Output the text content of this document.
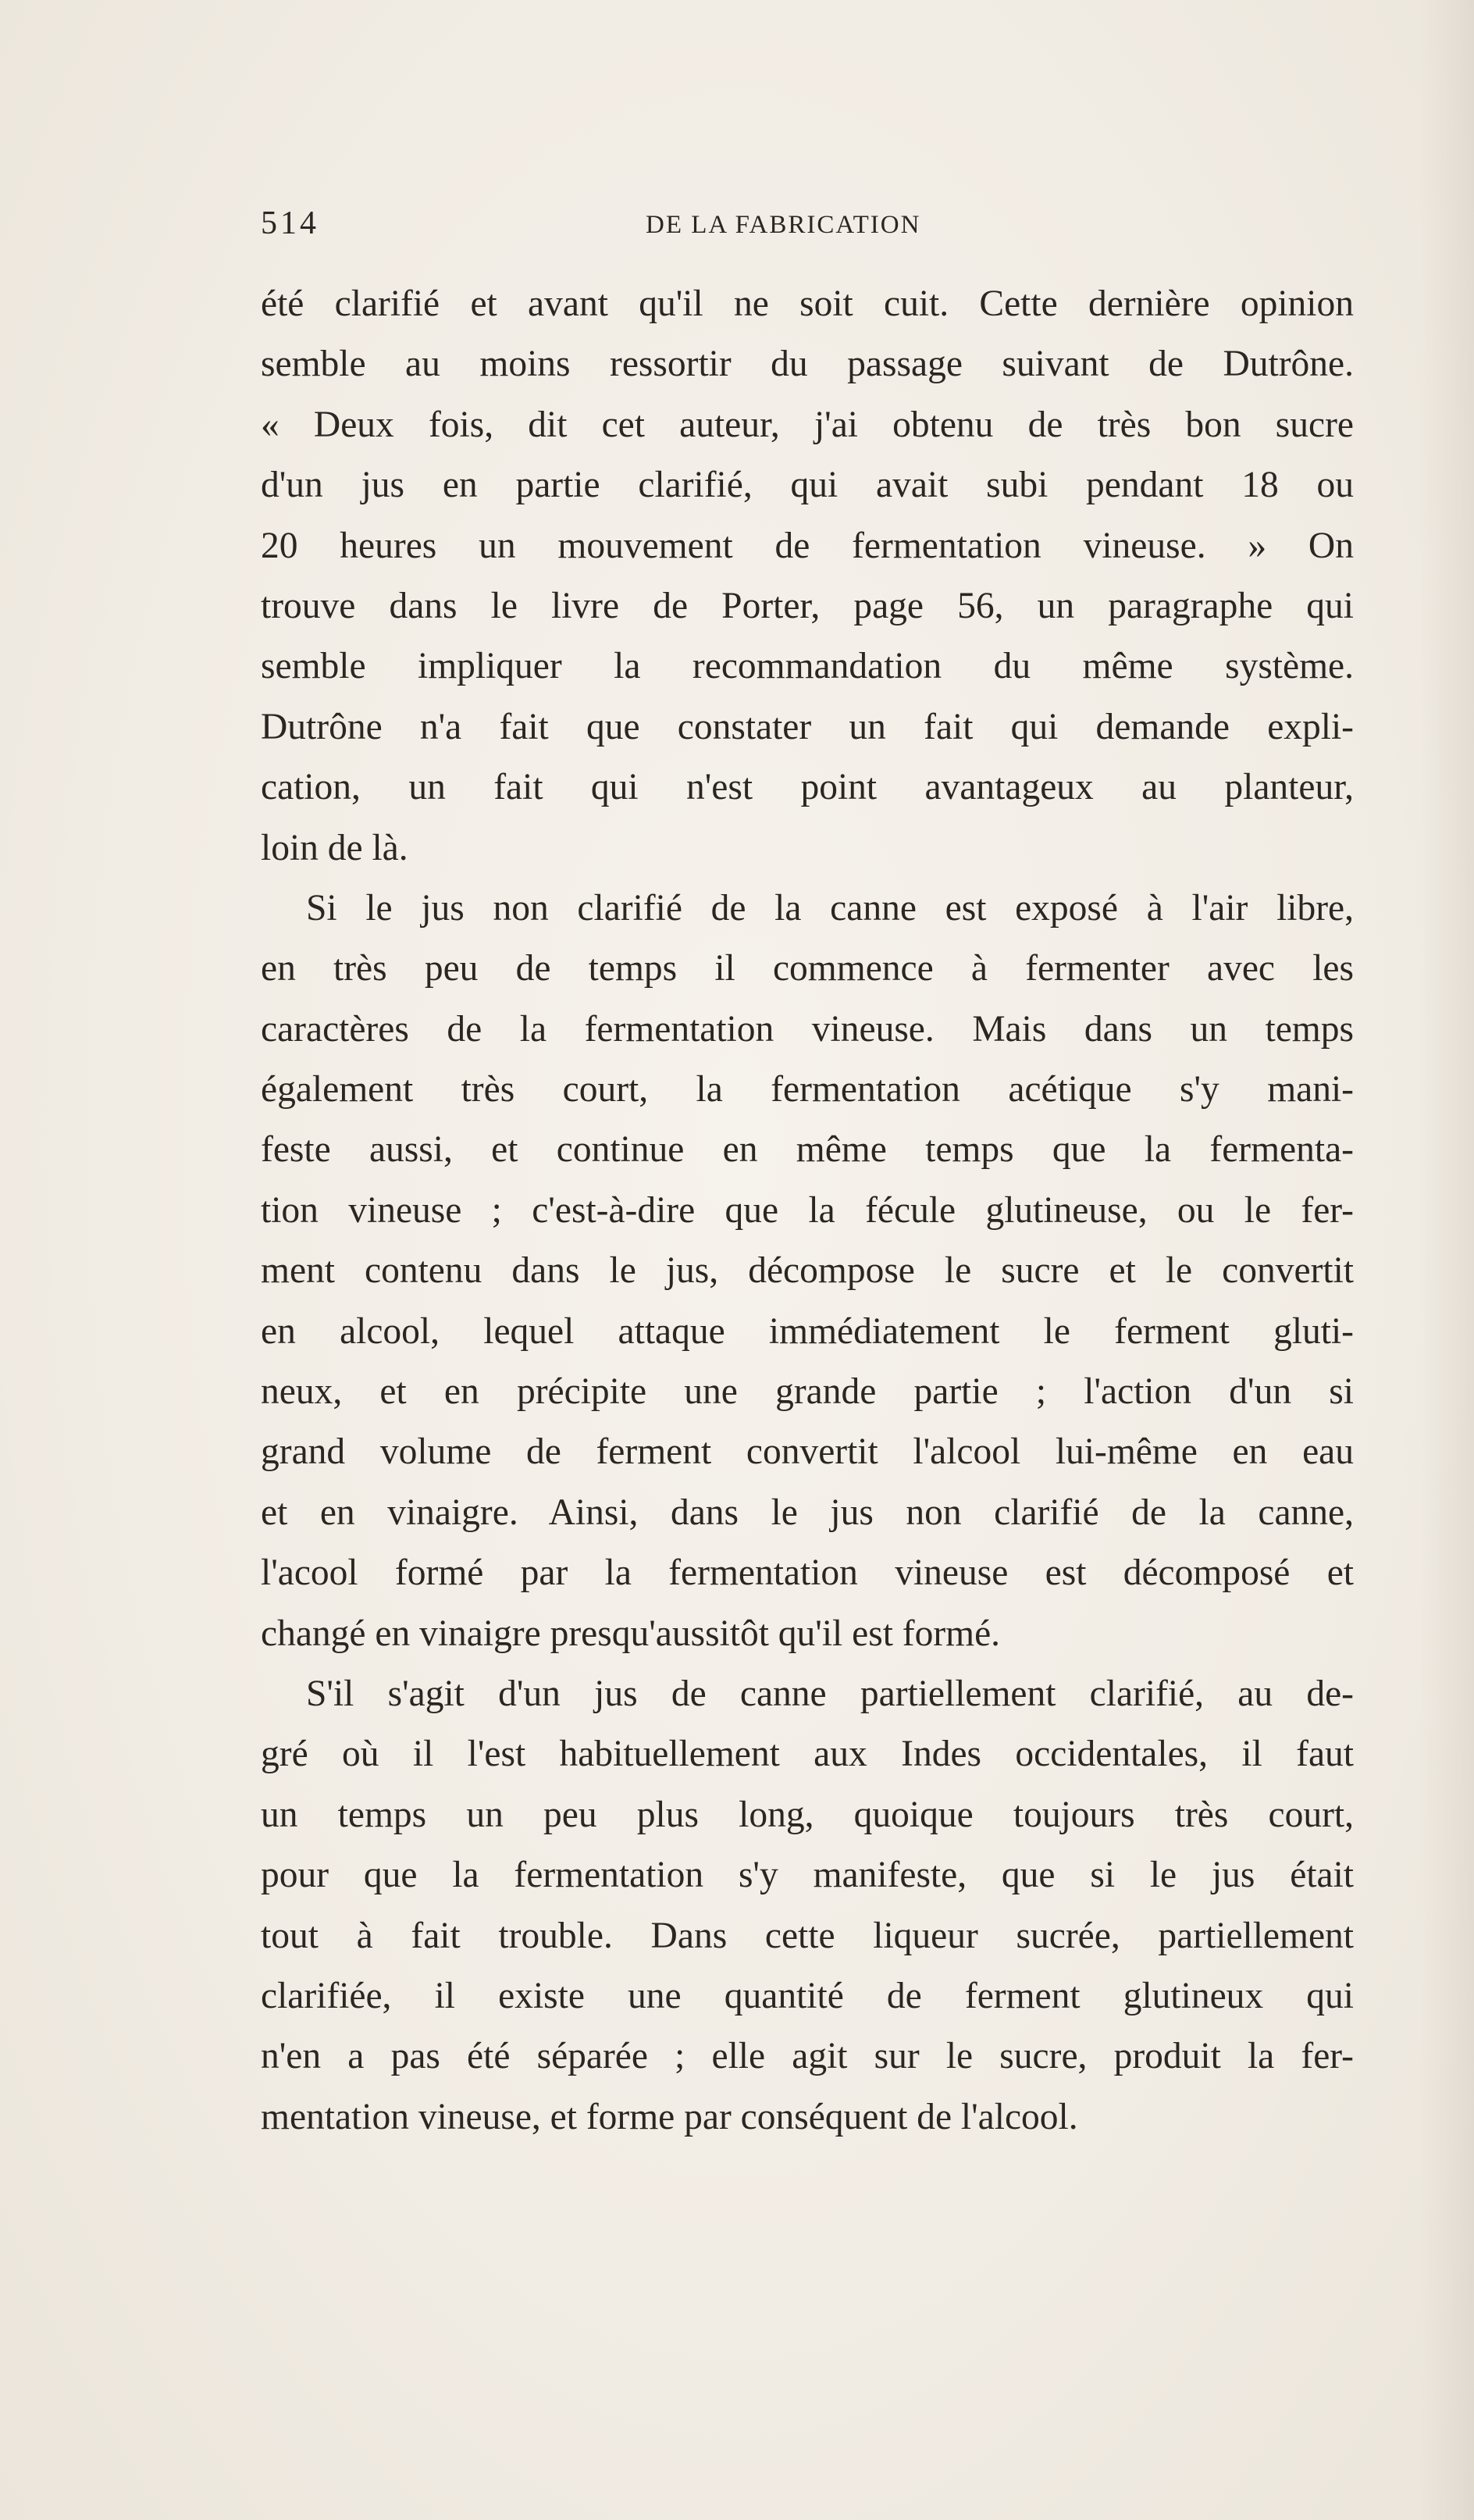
514	DE LA FABRICATION

été clarifié et avant qu'il ne soit cuit. Cette dernière opinion
semble au moins ressortir du passage suivant de Dutrône.
« Deux fois, dit cet auteur, j'ai obtenu de très bon sucre
d'un jus en partie clarifié, qui avait subi pendant 18 ou
20 heures un mouvement de fermentation vineuse. » On
trouve dans le livre de Porter, page 56, un paragraphe qui
semble impliquer la recommandation du même système.
Dutrône n'a fait que constater un fait qui demande expli-
cation, un fait qui n'est point avantageux au planteur,
loin de là.

Si le jus non clarifié de la canne est exposé à l'air libre,
en très peu de temps il commence à fermenter avec les
caractères de la fermentation vineuse. Mais dans un temps
également très court, la fermentation acétique s'y mani-
feste aussi, et continue en même temps que la fermenta-
tion vineuse ; c'est-à-dire que la fécule glutineuse, ou le fer-
ment contenu dans le jus, décompose le sucre et le convertit
en alcool, lequel attaque immédiatement le ferment gluti-
neux, et en précipite une grande partie ; l'action d'un si
grand volume de ferment convertit l'alcool lui-même en eau
et en vinaigre. Ainsi, dans le jus non clarifié de la canne,
l'acool formé par la fermentation vineuse est décomposé et
changé en vinaigre presqu'aussitôt qu'il est formé.

S'il s'agit d'un jus de canne partiellement clarifié, au de-
gré où il l'est habituellement aux Indes occidentales, il faut
un temps un peu plus long, quoique toujours très court,
pour que la fermentation s'y manifeste, que si le jus était
tout à fait trouble. Dans cette liqueur sucrée, partiellement
clarifiée, il existe une quantité de ferment glutineux qui
n'en a pas été séparée ; elle agit sur le sucre, produit la fer-
mentation vineuse, et forme par conséquent de l'alcool.
